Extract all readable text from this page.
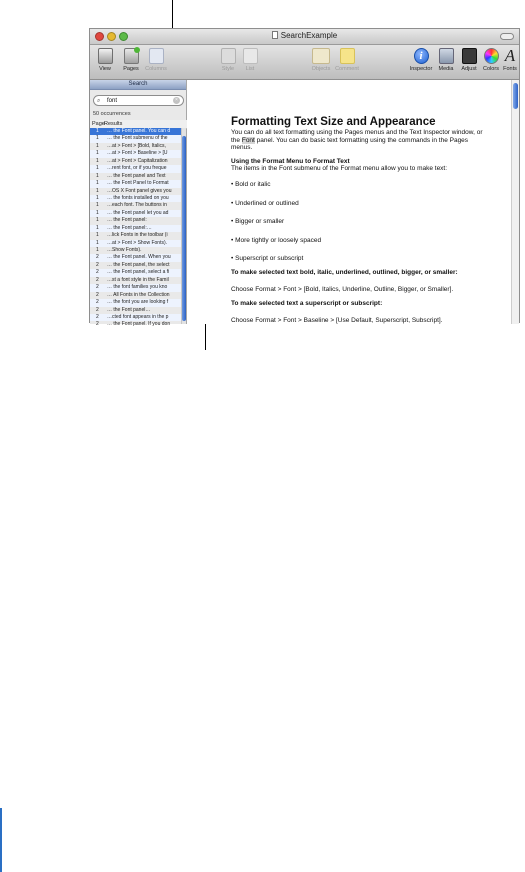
SearchExample
View	Pages	Columns	Style	List	Objects Comment
i
Inspector	Media	Adjust	Colors
A
Fonts
Search
⌕ font	×
50 occurrences
Page Results
1	… the Font panel. You can d
1	… the Font submenu of the
1	…at > Font > [Bold, Italics,
1	…at > Font > Baseline > [U
1	…at > Font > Capitalization
1	…rent font, or if you freque
1	… the Font panel and Text
1	… the Font Panel to Format
1	…OS X Font panel gives you
1	… the fonts installed on you
1	…each font. The buttons in
1	… the Font panel let you ad
1	… the Font panel:
1	… the Font panel:…
1	…lick Fonts in the toolbar (i
1	…at > Font > Show Fonts).
1	…Show Fonts).
2	… the Font panel. When you
2	… the Font panel, the select
2	… the Font panel, select a fi
2	…st a font style in the Famil
2	… the font families you kno
2	… All Fonts in the Collection
2	… the font you are looking f
2	… the Font panel…
2	…cted font appears in the p
2	… the Font panel. If you don
Formatting Text Size and Appearance

You can do all text formatting using the Pages menus and the Text Inspector window, or

the Font panel. You can do basic text formatting using the commands in the Pages

menus.

Using the Format Menu to Format Text

The items in the Font submenu of the Format menu allow you to make text:

• Bold or italic

• Underlined or outlined

• Bigger or smaller

• More tightly or loosely spaced

• Superscript or subscript

To make selected text bold, italic, underlined, outlined, bigger, or smaller:

Choose Format > Font > [Bold, Italics, Underline, Outline, Bigger, or Smaller].

To make selected text a superscript or subscript:

Choose Format > Font > Baseline > [Use Default, Superscript, Subscript].
